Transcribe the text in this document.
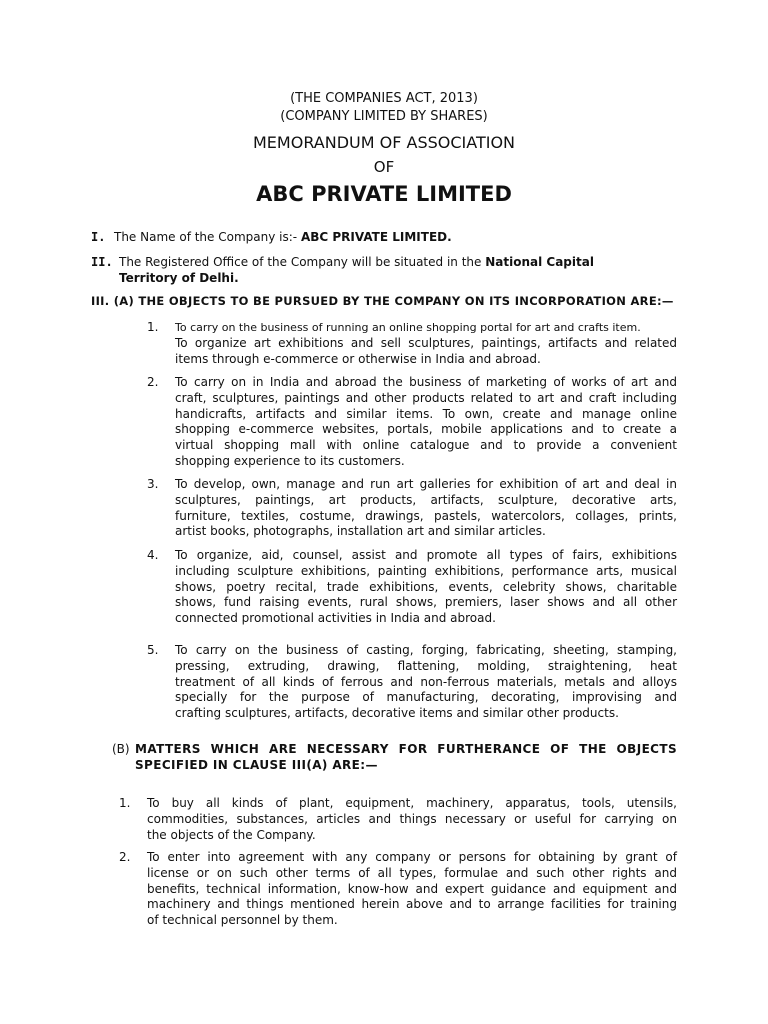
(THE COMPANIES ACT, 2013)
(COMPANY LIMITED BY SHARES)
MEMORANDUM OF ASSOCIATION
OF
ABC PRIVATE LIMITED
I. The Name of the Company is:- ABC PRIVATE LIMITED.
II. The Registered Office of the Company will be situated in the National Capital
Territory of Delhi.
III. (A) THE OBJECTS TO BE PURSUED BY THE COMPANY ON ITS INCORPORATION ARE:—
1. To carry on the business of running an online shopping portal for art and crafts item.
To organize art exhibitions and sell sculptures, paintings, artifacts and related
items through e-commerce or otherwise in India and abroad.
2. To carry on in India and abroad the business of marketing of works of art and
craft, sculptures, paintings and other products related to art and craft including
handicrafts, artifacts and similar items. To own, create and manage online
shopping e-commerce websites, portals, mobile applications and to create a
virtual shopping mall with online catalogue and to provide a convenient
shopping experience to its customers.
3. To develop, own, manage and run art galleries for exhibition of art and deal in
sculptures, paintings, art products, artifacts, sculpture, decorative arts,
furniture, textiles, costume, drawings, pastels, watercolors, collages, prints,
artist books, photographs, installation art and similar articles.
4. To organize, aid, counsel, assist and promote all types of fairs, exhibitions
including sculpture exhibitions, painting exhibitions, performance arts, musical
shows, poetry recital, trade exhibitions, events, celebrity shows, charitable
shows, fund raising events, rural shows, premiers, laser shows and all other
connected promotional activities in India and abroad.
5. To carry on the business of casting, forging, fabricating, sheeting, stamping,
pressing, extruding, drawing, flattening, molding, straightening, heat
treatment of all kinds of ferrous and non-ferrous materials, metals and alloys
specially for the purpose of manufacturing, decorating, improvising and
crafting sculptures, artifacts, decorative items and similar other products.
(B) MATTERS WHICH ARE NECESSARY FOR FURTHERANCE OF THE OBJECTS
SPECIFIED IN CLAUSE III(A) ARE:—
1. To buy all kinds of plant, equipment, machinery, apparatus, tools, utensils,
commodities, substances, articles and things necessary or useful for carrying on
the objects of the Company.
2. To enter into agreement with any company or persons for obtaining by grant of
license or on such other terms of all types, formulae and such other rights and
benefits, technical information, know-how and expert guidance and equipment and
machinery and things mentioned herein above and to arrange facilities for training
of technical personnel by them.
